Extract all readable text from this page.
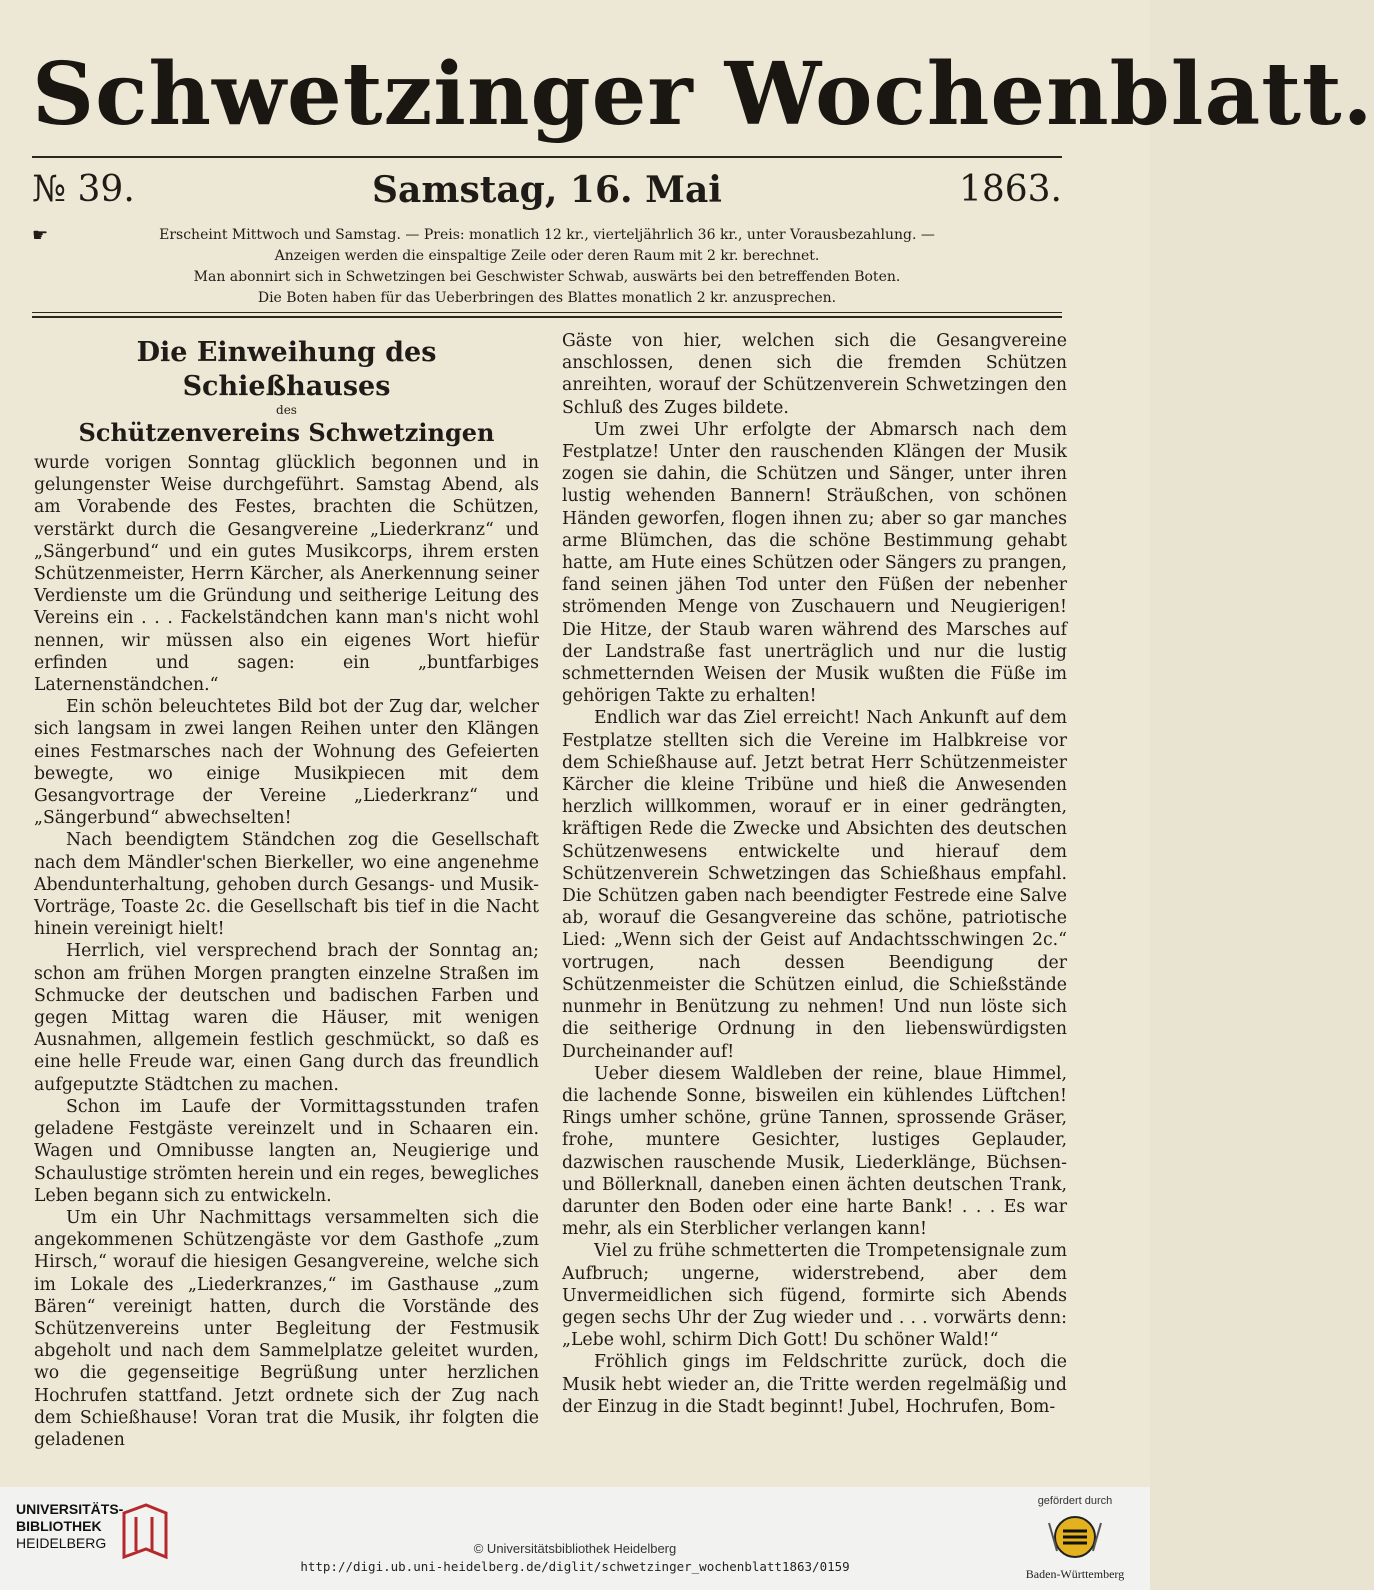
Schwetzinger Wochenblatt.
№ 39.	Samstag, 16. Mai	1863.
☛	Erscheint Mittwoch und Samstag. — Preis: monatlich 12 kr., vierteljährlich 36 kr., unter Vorausbezahlung. —
Anzeigen werden die einspaltige Zeile oder deren Raum mit 2 kr. berechnet.
Man abonnirt sich in Schwetzingen bei Geschwister Schwab, auswärts bei den betreffenden Boten.
Die Boten haben für das Ueberbringen des Blattes monatlich 2 kr. anzusprechen.
Die Einweihung des Schießhauses
des
Schützenvereins Schwetzingen

wurde vorigen Sonntag glücklich begonnen und in gelungenster Weise durchgeführt. Samstag Abend, als am Vorabende des Festes, brachten die Schützen, verstärkt durch die Gesangvereine „Liederkranz“ und „Sängerbund“ und ein gutes Musikcorps, ihrem ersten Schützenmeister, Herrn Kärcher, als Anerkennung seiner Verdienste um die Gründung und seitherige Leitung des Vereins ein . . . Fackelständchen kann man's nicht wohl nennen, wir müssen also ein eigenes Wort hiefür erfinden und sagen: ein „buntfarbiges Laternenständchen.“

Ein schön beleuchtetes Bild bot der Zug dar, welcher sich langsam in zwei langen Reihen unter den Klängen eines Festmarsches nach der Wohnung des Gefeierten bewegte, wo einige Musikpiecen mit dem Gesangvortrage der Vereine „Liederkranz“ und „Sängerbund“ abwechselten!

Nach beendigtem Ständchen zog die Gesellschaft nach dem Mändler'schen Bierkeller, wo eine angenehme Abendunterhaltung, gehoben durch Gesangs- und Musik-Vorträge, Toaste 2c. die Gesellschaft bis tief in die Nacht hinein vereinigt hielt!

Herrlich, viel versprechend brach der Sonntag an; schon am frühen Morgen prangten einzelne Straßen im Schmucke der deutschen und badischen Farben und gegen Mittag waren die Häuser, mit wenigen Ausnahmen, allgemein festlich geschmückt, so daß es eine helle Freude war, einen Gang durch das freundlich aufgeputzte Städtchen zu machen.

Schon im Laufe der Vormittagsstunden trafen geladene Festgäste vereinzelt und in Schaaren ein. Wagen und Omnibusse langten an, Neugierige und Schaulustige strömten herein und ein reges, bewegliches Leben begann sich zu entwickeln.

Um ein Uhr Nachmittags versammelten sich die angekommenen Schützengäste vor dem Gasthofe „zum Hirsch,“ worauf die hiesigen Gesangvereine, welche sich im Lokale des „Liederkranzes,“ im Gasthause „zum Bären“ vereinigt hatten, durch die Vorstände des Schützenvereins unter Begleitung der Festmusik abgeholt und nach dem Sammelplatze geleitet wurden, wo die gegenseitige Begrüßung unter herzlichen Hochrufen stattfand. Jetzt ordnete sich der Zug nach dem Schießhause! Voran trat die Musik, ihr folgten die geladenen

Gäste von hier, welchen sich die Gesangvereine anschlossen, denen sich die fremden Schützen anreihten, worauf der Schützenverein Schwetzingen den Schluß des Zuges bildete.

Um zwei Uhr erfolgte der Abmarsch nach dem Festplatze! Unter den rauschenden Klängen der Musik zogen sie dahin, die Schützen und Sänger, unter ihren lustig wehenden Bannern! Sträußchen, von schönen Händen geworfen, flogen ihnen zu; aber so gar manches arme Blümchen, das die schöne Bestimmung gehabt hatte, am Hute eines Schützen oder Sängers zu prangen, fand seinen jähen Tod unter den Füßen der nebenher strömenden Menge von Zuschauern und Neugierigen! Die Hitze, der Staub waren während des Marsches auf der Landstraße fast unerträglich und nur die lustig schmetternden Weisen der Musik wußten die Füße im gehörigen Takte zu erhalten!

Endlich war das Ziel erreicht! Nach Ankunft auf dem Festplatze stellten sich die Vereine im Halbkreise vor dem Schießhause auf. Jetzt betrat Herr Schützenmeister Kärcher die kleine Tribüne und hieß die Anwesenden herzlich willkommen, worauf er in einer gedrängten, kräftigen Rede die Zwecke und Absichten des deutschen Schützenwesens entwickelte und hierauf dem Schützenverein Schwetzingen das Schießhaus empfahl. Die Schützen gaben nach beendigter Festrede eine Salve ab, worauf die Gesangvereine das schöne, patriotische Lied: „Wenn sich der Geist auf Andachtsschwingen 2c.“ vortrugen, nach dessen Beendigung der Schützenmeister die Schützen einlud, die Schießstände nunmehr in Benützung zu nehmen! Und nun löste sich die seitherige Ordnung in den liebenswürdigsten Durcheinander auf!

Ueber diesem Waldleben der reine, blaue Himmel, die lachende Sonne, bisweilen ein kühlendes Lüftchen! Rings umher schöne, grüne Tannen, sprossende Gräser, frohe, muntere Gesichter, lustiges Geplauder, dazwischen rauschende Musik, Liederklänge, Büchsen- und Böllerknall, daneben einen ächten deutschen Trank, darunter den Boden oder eine harte Bank! . . . Es war mehr, als ein Sterblicher verlangen kann!

Viel zu frühe schmetterten die Trompetensignale zum Aufbruch; ungerne, widerstrebend, aber dem Unvermeidlichen sich fügend, formirte sich Abends gegen sechs Uhr der Zug wieder und . . . vorwärts denn: „Lebe wohl, schirm Dich Gott! Du schöner Wald!“

Fröhlich gings im Feldschritte zurück, doch die Musik hebt wieder an, die Tritte werden regelmäßig und der Einzug in die Stadt beginnt! Jubel, Hochrufen, Bom-

UNIVERSITÄTS-
BIBLIOTHEK
HEIDELBERG	© Universitätsbibliothek Heidelberg
http://digi.ub.uni-heidelberg.de/diglit/schwetzinger_wochenblatt1863/0159
gefördert durch
Baden-Württemberg
